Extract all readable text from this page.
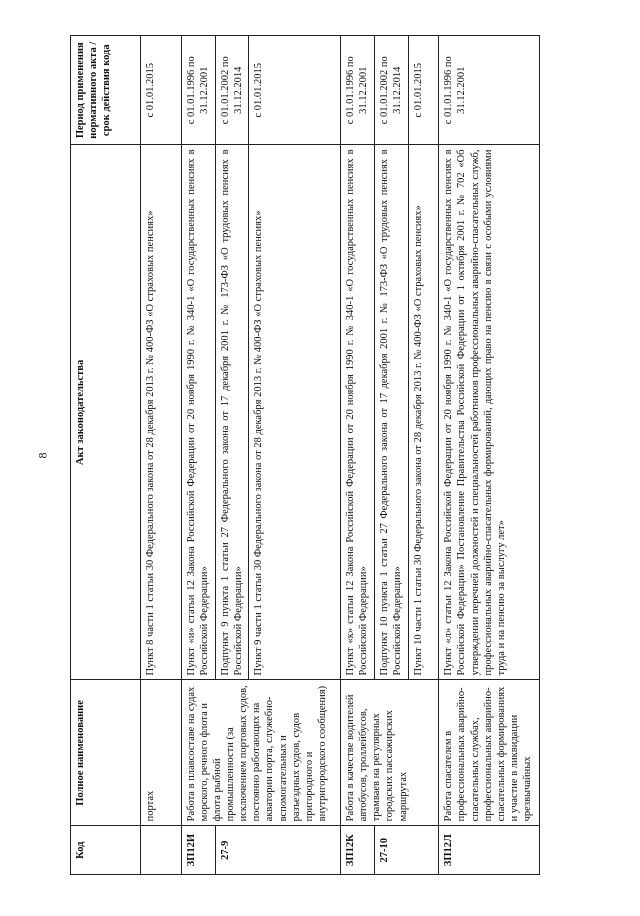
8
Код	Полное наименование	Акт законодательства	Период применения нормативного акта / срок действия кода
	портах	Пункт 8 части 1 статьи 30 Федерального закона от 28 декабря 2013 г. № 400-ФЗ «О страховых пенсиях»	с 01.01.2015
ЗП12И	Работа в плавсоставе на судах морского, речного флота и флота рыбной промышленности (за исключением портовых судов, постоянно работающих на акватории порта, служебно-вспомогательных и разъездных судов, судов пригородного и внутригородского сообщения)	Пункт «и» статьи 12 Закона Российской Федерации от 20 ноября 1990 г. № 340-1 «О государственных пенсиях в Российской Федерации»	с 01.01.1996 по 31.12.2001
27-9		Подпункт 9 пункта 1 статьи 27 Федерального закона от 17 декабря 2001 г. № 173-ФЗ «О трудовых пенсиях в Российской Федерации»	с 01.01.2002 по 31.12.2014
		Пункт 9 части 1 статьи 30 Федерального закона от 28 декабря 2013 г. № 400-ФЗ «О страховых пенсиях»	с 01.01.2015
ЗП12К	Работа в качестве водителей автобусов, троллейбусов, трамваев на регулярных городских пассажирских маршрутах	Пункт «к» статьи 12 Закона Российской Федерации от 20 ноября 1990 г. № 340-1 «О государственных пенсиях в Российской Федерации»	с 01.01.1996 по 31.12.2001
27-10		Подпункт 10 пункта 1 статьи 27 Федерального закона от 17 декабря 2001 г. № 173-ФЗ «О трудовых пенсиях в Российской Федерации»	с 01.01.2002 по 31.12.2014
		Пункт 10 части 1 статьи 30 Федерального закона от 28 декабря 2013 г. № 400-ФЗ «О страховых пенсиях»	с 01.01.2015
ЗП12Л	Работа спасателем в профессиональных аварийно-спасательных службах, профессиональных аварийно-спасательных формированиях и участие в ликвидации чрезвычайных	Пункт «л» статьи 12 Закона Российской Федерации от 20 ноября 1990 г. № 340-1 «О государственных пенсиях в Российской Федерации» Постановление Правительства Российской Федерации от 1 октября 2001 г. № 702 «Об утверждении перечней должностей и специальностей работников профессиональных аварийно-спасательных служб, профессиональных аварийно-спасательных формирований, дающих право на пенсию в связи с особыми условиями труда и на пенсию за выслугу лет»	с 01.01.1996 по 31.12.2001
